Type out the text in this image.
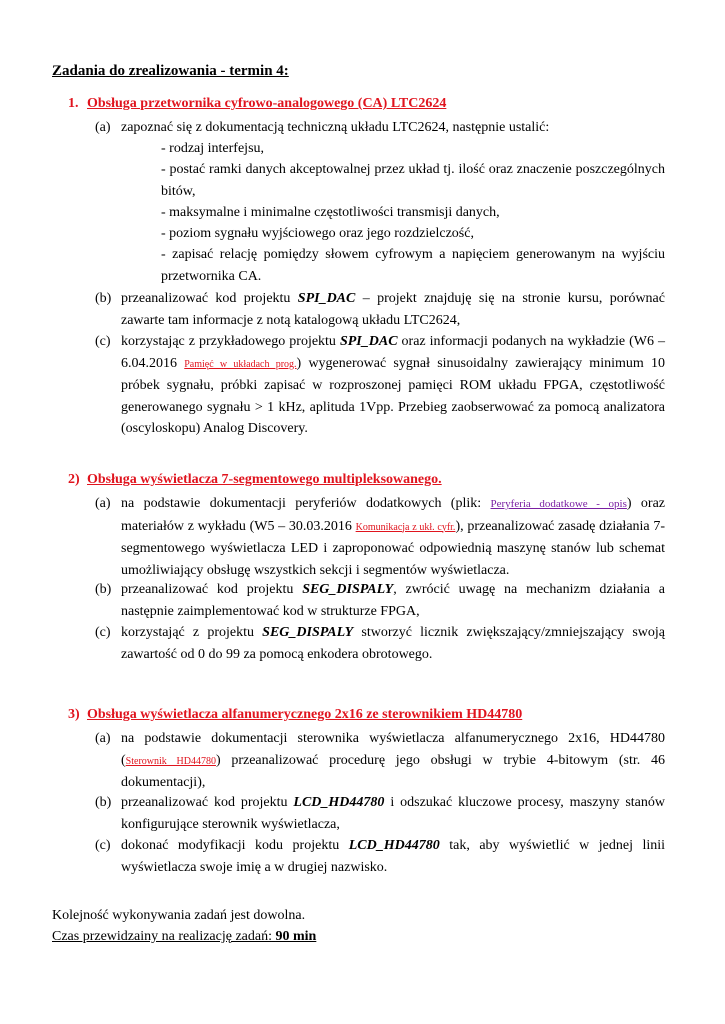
Zadania do zrealizowania - termin 4:
1. Obsługa przetwornika cyfrowo-analogowego (CA) LTC2624
(a) zapoznać się z dokumentacją techniczną układu LTC2624, następnie ustalić:
- rodzaj interfejsu,
- postać ramki danych akceptowalnej przez układ tj. ilość oraz znaczenie poszczególnych bitów,
- maksymalne i minimalne częstotliwości transmisji danych,
- poziom sygnału wyjściowego oraz jego rozdzielczość,
- zapisać relację pomiędzy słowem cyfrowym a napięciem generowanym na wyjściu przetwornika CA.
(b) przeanalizować kod projektu SPI_DAC – projekt znajduję się na stronie kursu, porównać zawarte tam informacje z notą katalogową układu LTC2624,
(c) korzystając z przykładowego projektu SPI_DAC oraz informacji podanych na wykładzie (W6 – 6.04.2016 Pamięć w układach prog.) wygenerować sygnał sinusoidalny zawierający minimum 10 próbek sygnału, próbki zapisać w rozproszonej pamięci ROM układu FPGA, częstotliwość generowanego sygnału > 1 kHz, aplituda 1Vpp. Przebieg zaobserwować za pomocą analizatora (oscyloskopu) Analog Discovery.
2) Obsługa wyświetlacza 7-segmentowego multipleksowanego.
(a) na podstawie dokumentacji peryferiów dodatkowych (plik: Peryferia dodatkowe - opis) oraz materiałów z wykładu (W5 – 30.03.2016 Komunikacja z ukł. cyfr.), przeanalizować zasadę działania 7-segmentowego wyświetlacza LED i zaproponować odpowiednią maszynę stanów lub schemat umożliwiający obsługę wszystkich sekcji i segmentów wyświetlacza.
(b) przeanalizować kod projektu SEG_DISPALY, zwrócić uwagę na mechanizm działania a następnie zaimplementować kod w strukturze FPGA,
(c) korzystająć z projektu SEG_DISPALY stworzyć licznik zwiększający/zmniejszający swoją zawartość od 0 do 99 za pomocą enkodera obrotowego.
3) Obsługa wyświetlacza alfanumerycznego 2x16 ze sterownikiem HD44780
(a) na podstawie dokumentacji sterownika wyświetlacza alfanumerycznego 2x16, HD44780 (Sterownik HD44780) przeanalizować procedurę jego obsługi w trybie 4-bitowym (str. 46 dokumentacji),
(b) przeanalizować kod projektu LCD_HD44780 i odszukać kluczowe procesy, maszyny stanów konfigurujące sterownik wyświetlacza,
(c) dokonać modyfikacji kodu projektu LCD_HD44780 tak, aby wyświetlić w jednej linii wyświetlacza swoje imię a w drugiej nazwisko.
Kolejność wykonywania zadań jest dowolna.
Czas przewidzainy na realizację zadań: 90 min
